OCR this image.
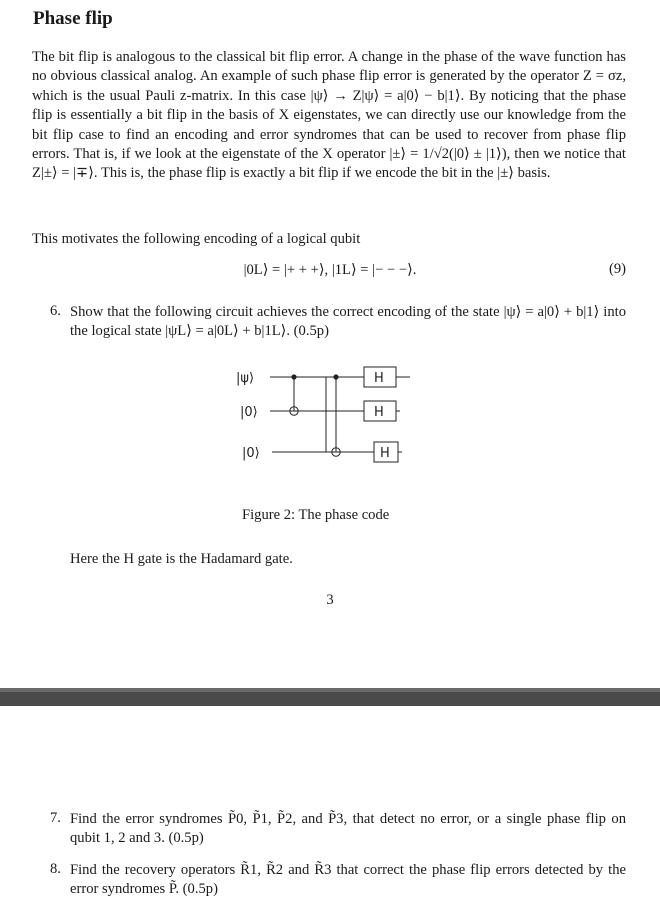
Phase flip

The bit flip is analogous to the classical bit flip error. A change in the phase of the wave function has no obvious classical analog. An example of such phase flip error is generated by the operator Z = σz, which is the usual Pauli z-matrix. In this case |ψ⟩ → Z|ψ⟩ = a|0⟩ − b|1⟩. By noticing that the phase flip is essentially a bit flip in the basis of X eigenstates, we can directly use our knowledge from the bit flip case to find an encoding and error syndromes that can be used to recover from phase flip errors. That is, if we look at the eigenstate of the X operator |±⟩ = 1/√2(|0⟩ ± |1⟩), then we notice that Z|±⟩ = |∓⟩. This is, the phase flip is exactly a bit flip if we encode the bit in the |±⟩ basis.

This motivates the following encoding of a logical qubit

|0L⟩ = |+ + +⟩, |1L⟩ = |− − −⟩.	(9)
6. Show that the following circuit achieves the correct encoding of the state |ψ⟩ = a|0⟩ + b|1⟩ into the logical state |ψL⟩ = a|0L⟩ + b|1L⟩. (0.5p)
|ψ⟩
|0⟩
|0⟩
H
H
H
Figure 2: The phase code
Here the H gate is the Hadamard gate.
3
7. Find the error syndromes P̃0, P̃1, P̃2, and P̃3, that detect no error, or a single phase flip on qubit 1, 2 and 3. (0.5p)
8. Find the recovery operators R̃1, R̃2 and R̃3 that correct the phase flip errors detected by the error syndromes P̃. (0.5p)
